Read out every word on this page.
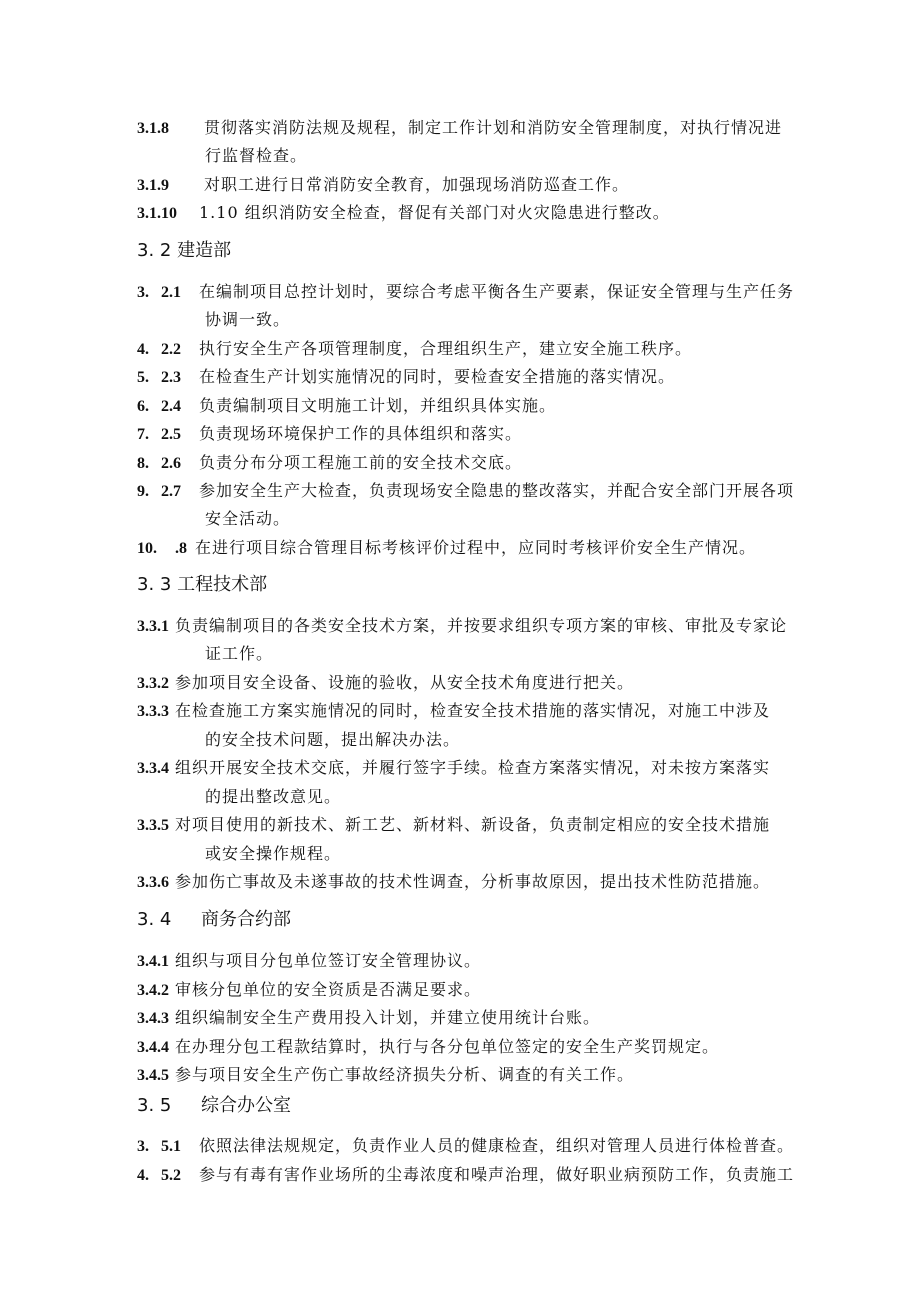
3.1.8 贯彻落实消防法规及规程，制定工作计划和消防安全管理制度，对执行情况进
行监督检查。
3.1.9 对职工进行日常消防安全教育，加强现场消防巡查工作。
3.1.10 1.10 组织消防安全检查，督促有关部门对火灾隐患进行整改。
3. 2 建造部
3. 2.1 在编制项目总控计划时，要综合考虑平衡各生产要素，保证安全管理与生产任务
协调一致。
4. 2.2 执行安全生产各项管理制度，合理组织生产，建立安全施工秩序。
5. 2.3 在检查生产计划实施情况的同时，要检查安全措施的落实情况。
6. 2.4 负责编制项目文明施工计划，并组织具体实施。
7. 2.5 负责现场环境保护工作的具体组织和落实。
8. 2.6 负责分布分项工程施工前的安全技术交底。
9. 2.7 参加安全生产大检查，负责现场安全隐患的整改落实，并配合安全部门开展各项
安全活动。
10. .8 在进行项目综合管理目标考核评价过程中，应同时考核评价安全生产情况。
3. 3 工程技术部
3.3.1 负责编制项目的各类安全技术方案，并按要求组织专项方案的审核、审批及专家论
证工作。
3.3.2 参加项目安全设备、设施的验收，从安全技术角度进行把关。
3.3.3 在检查施工方案实施情况的同时，检查安全技术措施的落实情况，对施工中涉及
的安全技术问题，提出解决办法。
3.3.4 组织开展安全技术交底，并履行签字手续。检查方案落实情况，对未按方案落实
的提出整改意见。
3.3.5 对项目使用的新技术、新工艺、新材料、新设备，负责制定相应的安全技术措施
或安全操作规程。
3.3.6 参加伤亡事故及未遂事故的技术性调查，分析事故原因，提出技术性防范措施。
3. 4 商务合约部
3.4.1 组织与项目分包单位签订安全管理协议。
3.4.2 审核分包单位的安全资质是否满足要求。
3.4.3 组织编制安全生产费用投入计划，并建立使用统计台账。
3.4.4 在办理分包工程款结算时，执行与各分包单位签定的安全生产奖罚规定。
3.4.5 参与项目安全生产伤亡事故经济损失分析、调查的有关工作。
3. 5 综合办公室
3. 5.1 依照法律法规规定，负责作业人员的健康检查，组织对管理人员进行体检普查。
4. 5.2 参与有毒有害作业场所的尘毒浓度和噪声治理，做好职业病预防工作，负责施工
